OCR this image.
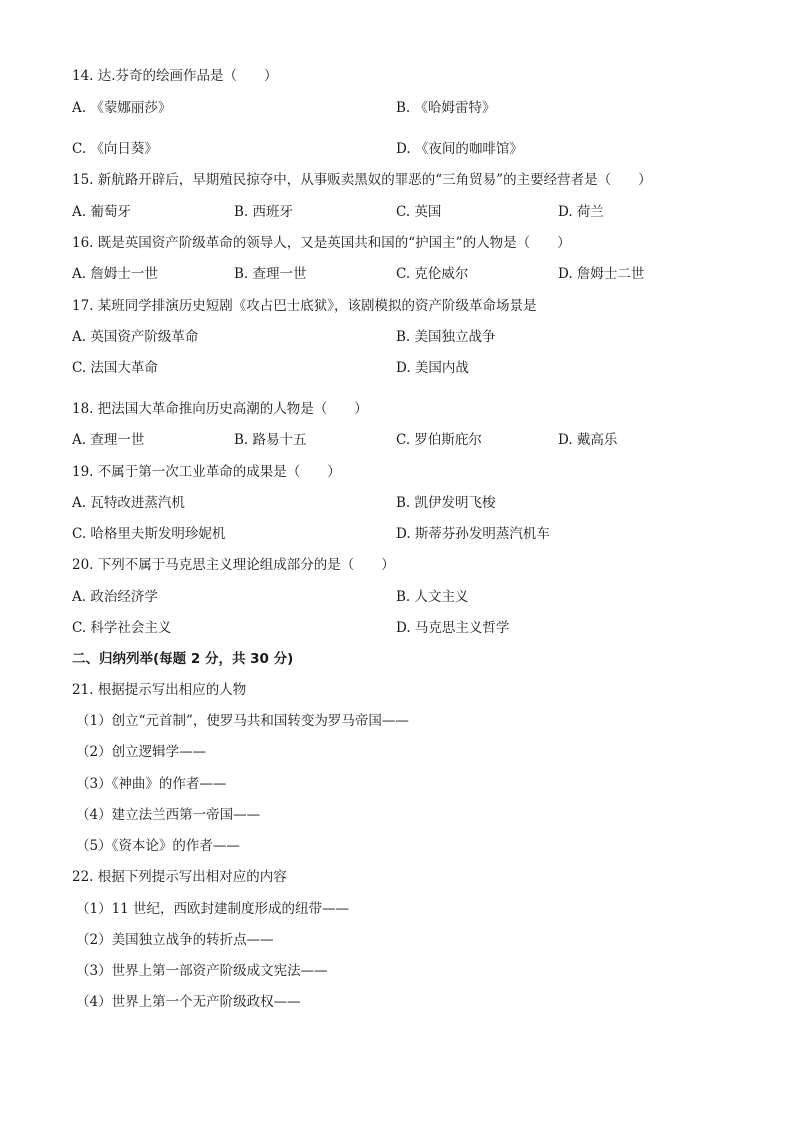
14. 达.芬奇的绘画作品是（　　）
A. 《蒙娜丽莎》	B. 《哈姆雷特》
C. 《向日葵》	D. 《夜间的咖啡馆》
15. 新航路开辟后，早期殖民掠夺中，从事贩卖黑奴的罪恶的“三角贸易”的主要经营者是（　　）
A. 葡萄牙	B. 西班牙	C. 英国	D. 荷兰
16. 既是英国资产阶级革命的领导人，又是英国共和国的“护国主”的人物是（　　）
A. 詹姆士一世	B. 查理一世	C. 克伦威尔	D. 詹姆士二世
17. 某班同学排演历史短剧《攻占巴士底狱》，该剧模拟的资产阶级革命场景是
A. 英国资产阶级革命	B. 美国独立战争
C. 法国大革命	D. 美国内战
18. 把法国大革命推向历史高潮的人物是（　　）
A. 查理一世	B. 路易十五	C. 罗伯斯庇尔	D. 戴高乐
19. 不属于第一次工业革命的成果是（　　）
A. 瓦特改进蒸汽机	B. 凯伊发明飞梭
C. 哈格里夫斯发明珍妮机	D. 斯蒂芬孙发明蒸汽机车
20. 下列不属于马克思主义理论组成部分的是（　　）
A. 政治经济学	B. 人文主义
C. 科学社会主义	D. 马克思主义哲学
二、归纳列举(每题 2 分，共 30 分)
21. 根据提示写出相应的人物
（1）创立“元首制”，使罗马共和国转变为罗马帝国——
（2）创立逻辑学——
（3）《神曲》的作者——
（4）建立法兰西第一帝国——
（5）《资本论》的作者——
22. 根据下列提示写出相对应的内容
（1）11 世纪，西欧封建制度形成的纽带——
（2）美国独立战争的转折点——
（3）世界上第一部资产阶级成文宪法——
（4）世界上第一个无产阶级政权——
